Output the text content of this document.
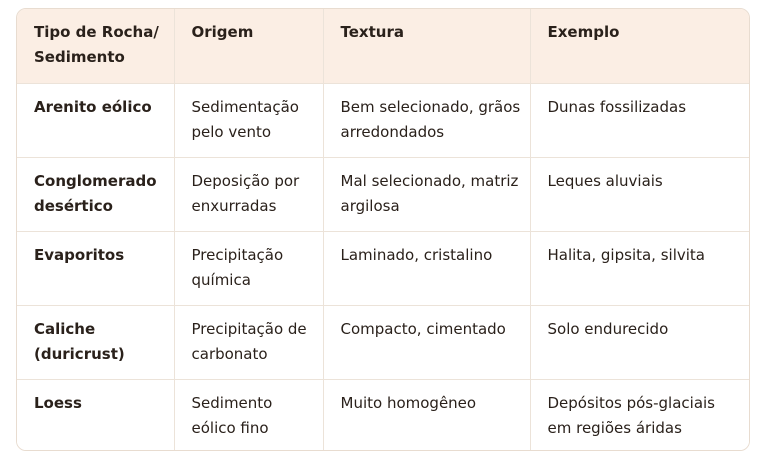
Tipo de Rocha/ Sedimento	Origem	Textura	Exemplo
Arenito eólico	Sedimentação pelo vento	Bem selecionado, grãos arredondados	Dunas fossilizadas
Conglomerado desértico	Deposição por enxurradas	Mal selecionado, matriz argilosa	Leques aluviais
Evaporitos	Precipitação química	Laminado, cristalino	Halita, gipsita, silvita
Caliche (duricrust)	Precipitação de carbonato	Compacto, cimentado	Solo endurecido
Loess	Sedimento eólico fino	Muito homogêneo	Depósitos pós-glaciais em regiões áridas
